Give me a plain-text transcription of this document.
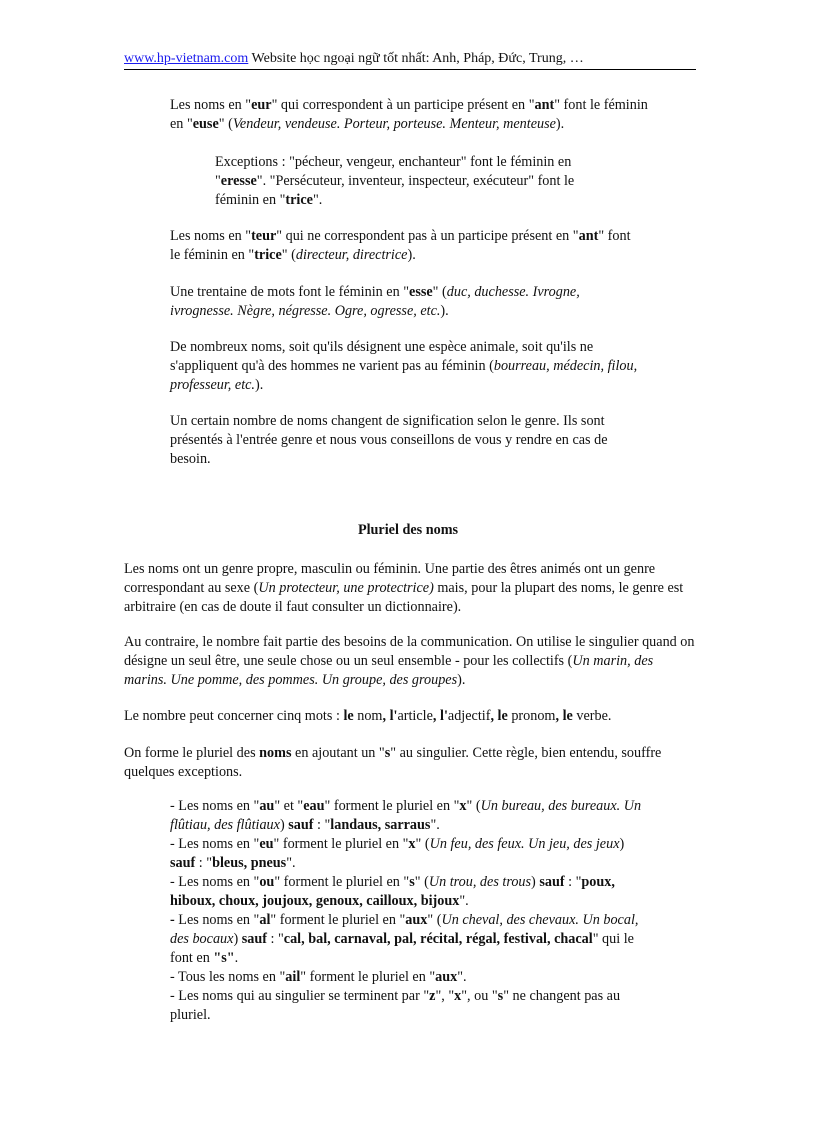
www.hp-vietnam.com Website học ngoại ngữ tốt nhất: Anh, Pháp, Đức, Trung, …

Les noms en "eur" qui correspondent à un participe présent en "ant" font le féminin en "euse" (Vendeur, vendeuse. Porteur, porteuse. Menteur, menteuse).

Exceptions : "pécheur, vengeur, enchanteur" font le féminin en "eresse". "Persécuteur, inventeur, inspecteur, exécuteur" font le féminin en "trice".

Les noms en "teur" qui ne correspondent pas à un participe présent en "ant" font le féminin en "trice" (directeur, directrice).

Une trentaine de mots font le féminin en "esse" (duc, duchesse. Ivrogne, ivrognesse. Nègre, négresse. Ogre, ogresse, etc.).

De nombreux noms, soit qu'ils désignent une espèce animale, soit qu'ils ne s'appliquent qu'à des hommes ne varient pas au féminin (bourreau, médecin, filou, professeur, etc.).

Un certain nombre de noms changent de signification selon le genre. Ils sont présentés à l'entrée genre et nous vous conseillons de vous y rendre en cas de besoin.

Pluriel des noms

Les noms ont un genre propre, masculin ou féminin. Une partie des êtres animés ont un genre correspondant au sexe (Un protecteur, une protectrice) mais, pour la plupart des noms, le genre est arbitraire (en cas de doute il faut consulter un dictionnaire).

Au contraire, le nombre fait partie des besoins de la communication. On utilise le singulier quand on désigne un seul être, une seule chose ou un seul ensemble - pour les collectifs (Un marin, des marins. Une pomme, des pommes. Un groupe, des groupes).

Le nombre peut concerner cinq mots : le nom, l'article, l'adjectif, le pronom, le verbe.

On forme le pluriel des noms en ajoutant un "s" au singulier. Cette règle, bien entendu, souffre quelques exceptions.

- Les noms en "au" et "eau" forment le pluriel en "x" (Un bureau, des bureaux. Un flûtiau, des flûtiaux) sauf : "landaus, sarraus".
- Les noms en "eu" forment le pluriel en "x" (Un feu, des feux. Un jeu, des jeux) sauf : "bleus, pneus".
- Les noms en "ou" forment le pluriel en "s" (Un trou, des trous) sauf : "poux, hiboux, choux, joujoux, genoux, cailloux, bijoux".
- Les noms en "al" forment le pluriel en "aux" (Un cheval, des chevaux. Un bocal, des bocaux) sauf : "cal, bal, carnaval, pal, récital, régal, festival, chacal" qui le font en "s".
- Tous les noms en "ail" forment le pluriel en "aux".
- Les noms qui au singulier se terminent par "z", "x", ou "s" ne changent pas au pluriel.
